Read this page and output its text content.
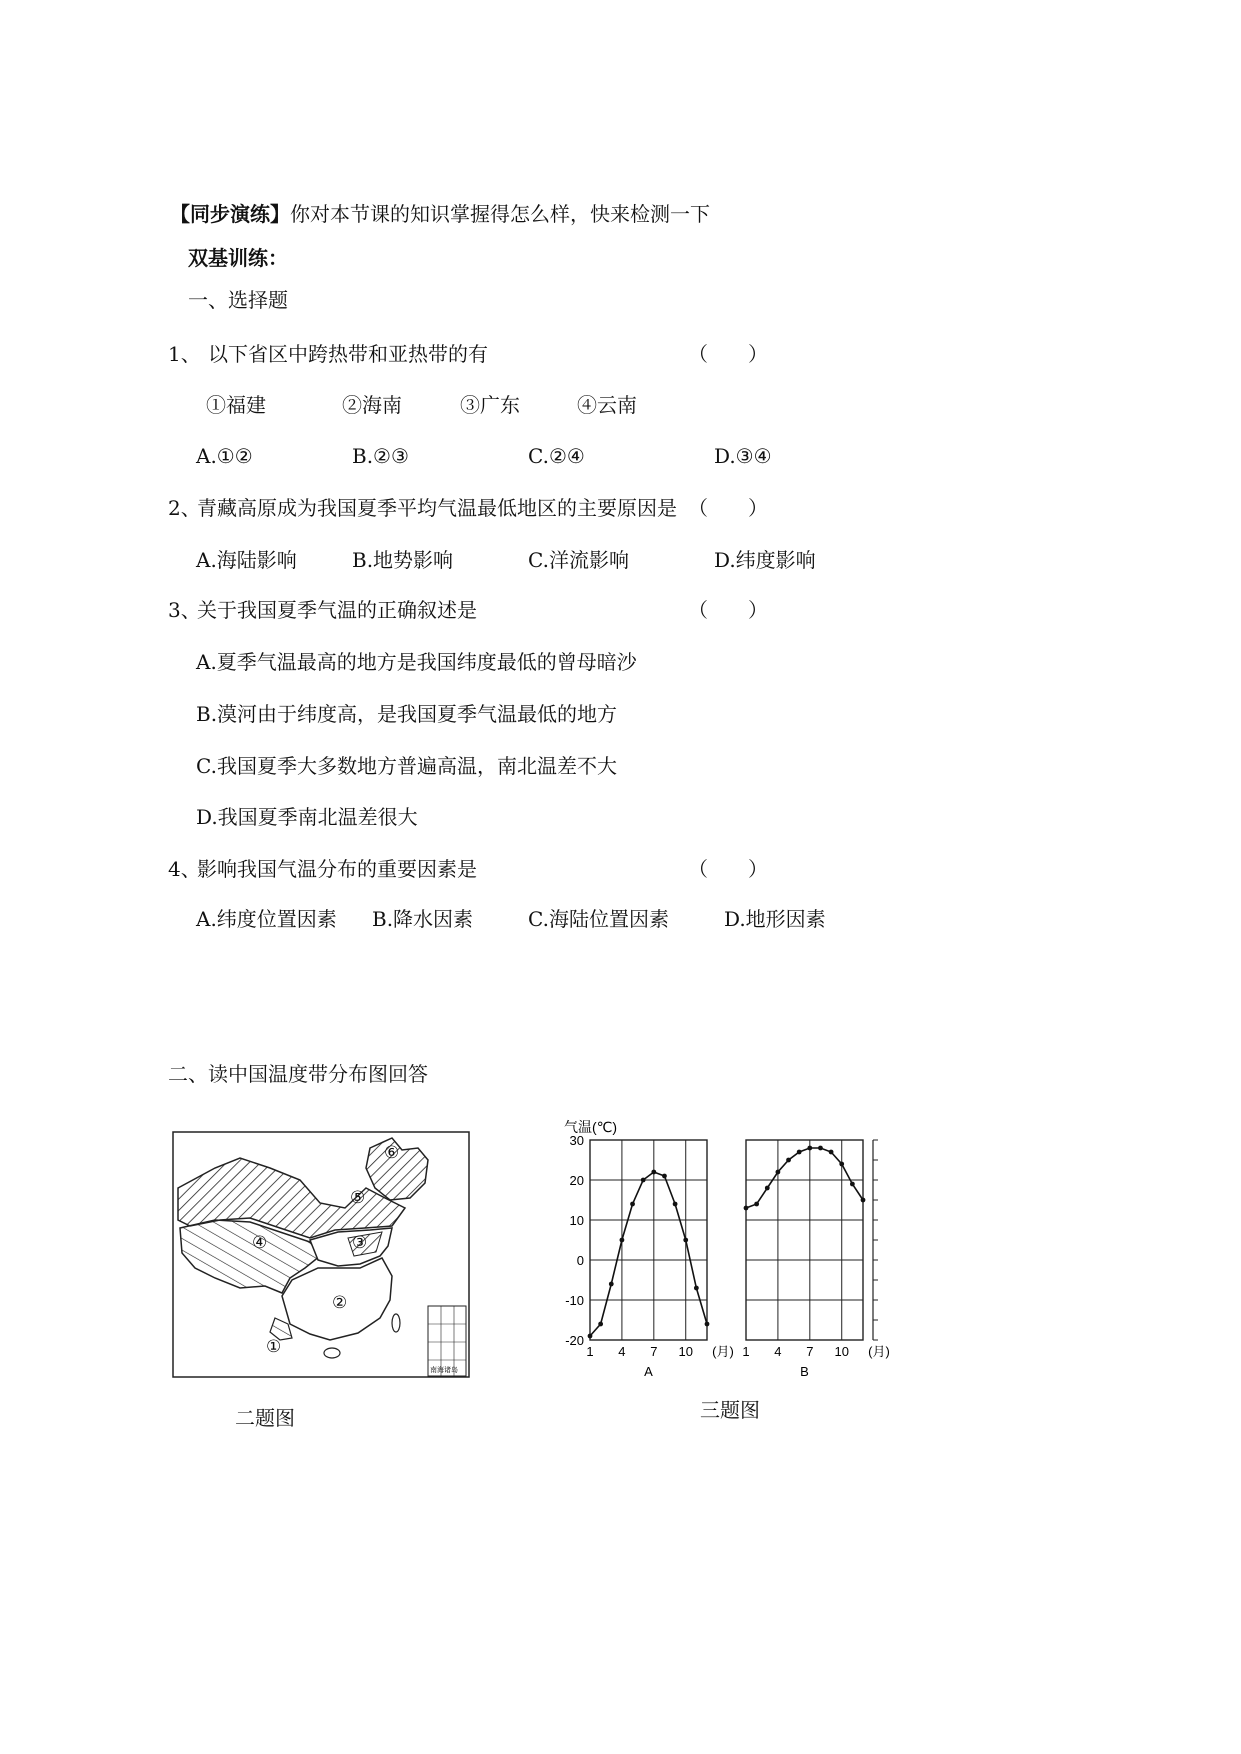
【同步演练】你对本节课的知识掌握得怎么样，快来检测一下
双基训练：
一、选择题
1、 以下省区中跨热带和亚热带的有	（　　）
①福建	②海南	③广东	④云南
A.①②	B.②③	C.②④	D.③④
2、
青藏高原成为我国夏季平均气温最低地区的主要原因是 （　　）
A.海陆影响	B.地势影响	C.洋流影响	D.纬度影响
3、
关于我国夏季气温的正确叙述是	（　　）
A.夏季气温最高的地方是我国纬度最低的曾母暗沙
B.漠河由于纬度高，是我国夏季气温最低的地方
C.我国夏季大多数地方普遍高温，南北温差不大
D.我国夏季南北温差很大
4、
影响我国气温分布的重要因素是	（　　）
A.纬度位置因素 B.降水因素	C.海陆位置因素	D.地形因素
二、读中国温度带分布图回答
南海诸岛
⑥
⑤
④	③
②
①
二题图
1 4 7 10 (月)
A
30
20
10
0
-10
-20
气温(℃)
1 4 7 10 (月)
B
三题图
